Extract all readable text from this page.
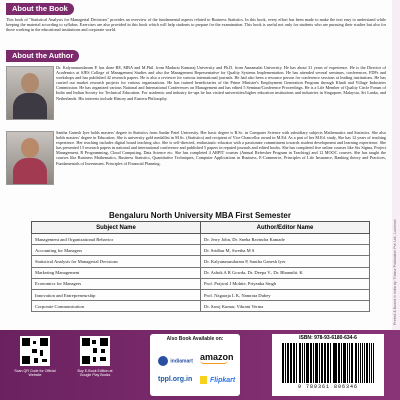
Printed & Bound in India by: Thakur Publication Pvt. Ltd., Lucknow
About the Book
This book of "Statistical Analysis for Managerial Decisions" provides an overview of the fundamental aspects related to Business Statistics. In this book, every effort has been made to make the text easy to understand while keeping the material according to syllabus. Exercises are also provided in this book which will help students to prepare for the examination. This book is useful not only for students who are pursuing their studies but also for those working in the educational institutions and corporate world.
About the Author
Dr. Kalyanasundaram P. has done BE, MBA and M.Phil. from Madurai Kamaraj University and Ph.D. from Annamalai University. He has about 31 years of experience. He is the Director of Academics at SJES College of Management Studies and also the Management Representative for Quality Systems Implementation. He has attended several seminars, conferences, FDPs and workshops and has published 42 research papers. He is also a reviewer for various international journals. He had also been a resource person for conference sessions at leading institutions. He has carried out market research projects for various organizations. He has trained beneficiaries of the Prime Minister's Employment Generation Program through Khadi and Village Industries Commission. He has organized various National and International Conferences on Management and has edited 5 Seminar/Conference Proceedings. He is a Life Member of Quality Circle Forum of India and Indian Society for Technical Education. For academic and industry tie-ups he has visited universities/higher education institutions and industries in Singapore, Malaysia, Sri Lanka, and Netherlands. His interests include History and Eastern Philosophy.
Santha Ganesh Iyer holds masters' degree in Statistics from Sardar Patel University. Her basic degree is B.Sc. in Computer Science with subsidiary subjects Mathematics and Statistics. She also holds masters' degree in Education. She is university gold medallist in M.Sc. (Statistics) and recipient of Vice Chancellor award in M.Ed. As a part of her M.Ed. study, She has 12 years of teaching experience. Her teaching includes digital board teaching also. She is self-directed, enthusiastic educator with a passionate commitment towards student development and learning experience. She has presented 13 research papers in national and international conference and published 5 papers in reputed journals and edited books. She has completed five online courses like Six Sigma, Project Management, R Programming, Cloud Computing, Data Science etc. She has completed 4 ARPIT courses (Annual Refresher Program in Teaching) and 12 MOOC courses. She has taught the courses like Business Mathematics, Business Statistics, Quantitative Techniques, Computer Applications in Business, E-Commerce, Principles of Life Insurance, Banking theory and Practices, Fundamentals of Investment, Principles of Financial Planning.
Bengaluru North University MBA First Semester
Subject Name	Author/Editor Name
Management and Organizational Behavior	Dr. Jerry John, Dr. Sneha Ravindra Kamade
Accounting for Managers	Dr. Sridhar M, Swetha M S
Statistical Analysis for Managerial Decisions	Dr. Kalyanasundaram P, Santha Ganesh Iyer
Marketing Management	Dr. Ashok A R Gowda, Dr. Deepa V., Dr. Bhanuthi. K
Economics for Managers	Prof. Prajwal J Mohite, Priyanka Singh
Innovation and Entrepreneurship	Prof. Nagaraja L K, Namrata Dubey
Corporate Communication	Dr. Saroj Kumar, Vikrant Verma
Scan QR Code for Official Website
Buy E-Book Edition at Google Play Books
Also Book Available on:
indiamart amazon
tppl.org.in	Flipkart
ISBN: 978-93-6180-634-6
9 789361 806346
